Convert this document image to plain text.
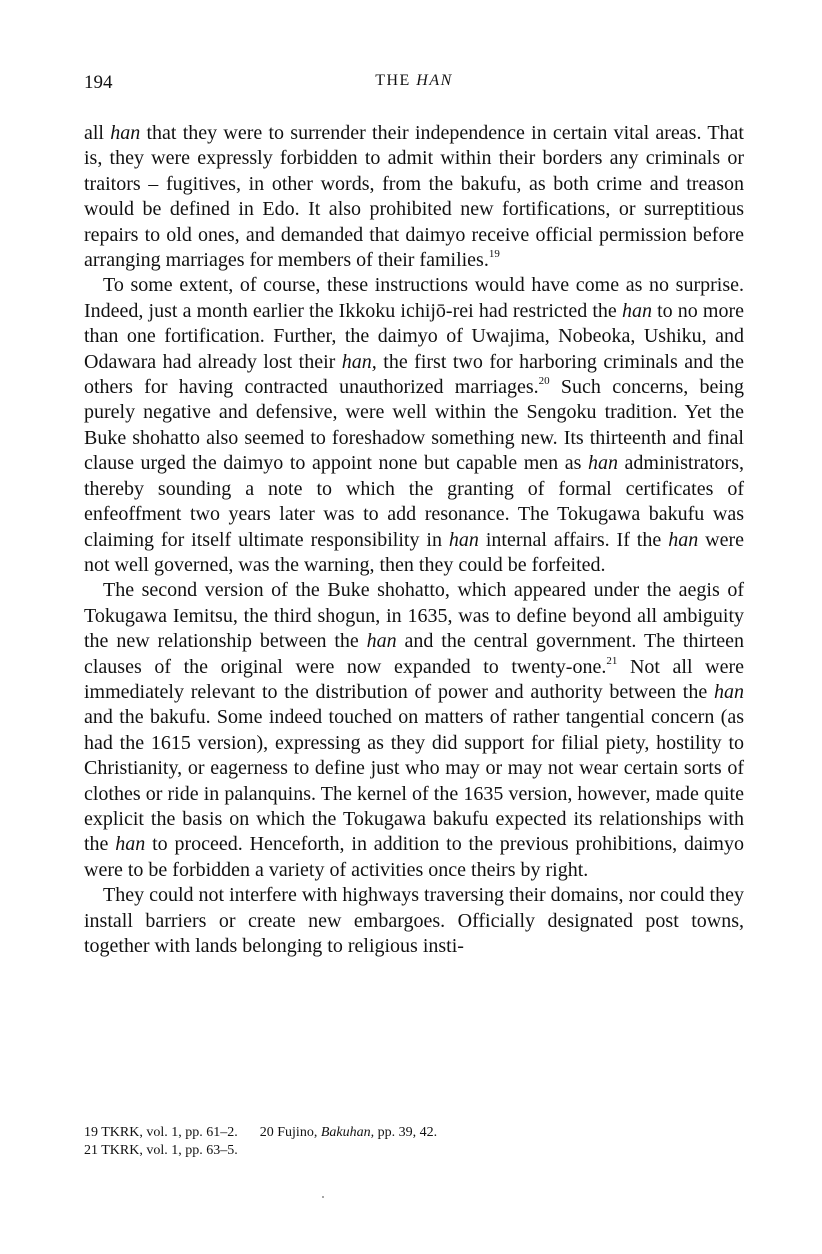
194	THE HAN

all han that they were to surrender their independence in certain vital areas. That is, they were expressly forbidden to admit within their borders any criminals or traitors – fugitives, in other words, from the bakufu, as both crime and treason would be defined in Edo. It also prohibited new fortifications, or surreptitious repairs to old ones, and demanded that daimyo receive official permission before arranging marriages for members of their families.$^{19}$

To some extent, of course, these instructions would have come as no surprise. Indeed, just a month earlier the Ikkoku ichijō-rei had restricted the han to no more than one fortification. Further, the daimyo of Uwajima, Nobeoka, Ushiku, and Odawara had already lost their han, the first two for harboring criminals and the others for having contracted unauthorized marriages.$^{20}$ Such concerns, being purely negative and defensive, were well within the Sengoku tradition. Yet the Buke shohatto also seemed to foreshadow something new. Its thirteenth and final clause urged the daimyo to appoint none but capable men as han administrators, thereby sounding a note to which the granting of formal certificates of enfeoffment two years later was to add resonance. The Tokugawa bakufu was claiming for itself ultimate responsibility in han internal affairs. If the han were not well governed, was the warning, then they could be forfeited.

The second version of the Buke shohatto, which appeared under the aegis of Tokugawa Iemitsu, the third shogun, in 1635, was to define beyond all ambiguity the new relationship between the han and the central government. The thirteen clauses of the original were now expanded to twenty-one.$^{21}$ Not all were immediately relevant to the distribution of power and authority between the han and the bakufu. Some indeed touched on matters of rather tangential concern (as had the 1615 version), expressing as they did support for filial piety, hostility to Christianity, or eagerness to define just who may or may not wear certain sorts of clothes or ride in palanquins. The kernel of the 1635 version, however, made quite explicit the basis on which the Tokugawa bakufu expected its relationships with the han to proceed. Henceforth, in addition to the previous prohibitions, daimyo were to be forbidden a variety of activities once theirs by right.

They could not interfere with highways traversing their domains, nor could they install barriers or create new embargoes. Officially designated post towns, together with lands belonging to religious insti-

19 TKRK, vol. 1, pp. 61–2. 20 Fujino, Bakuhan, pp. 39, 42.
21 TKRK, vol. 1, pp. 63–5.
